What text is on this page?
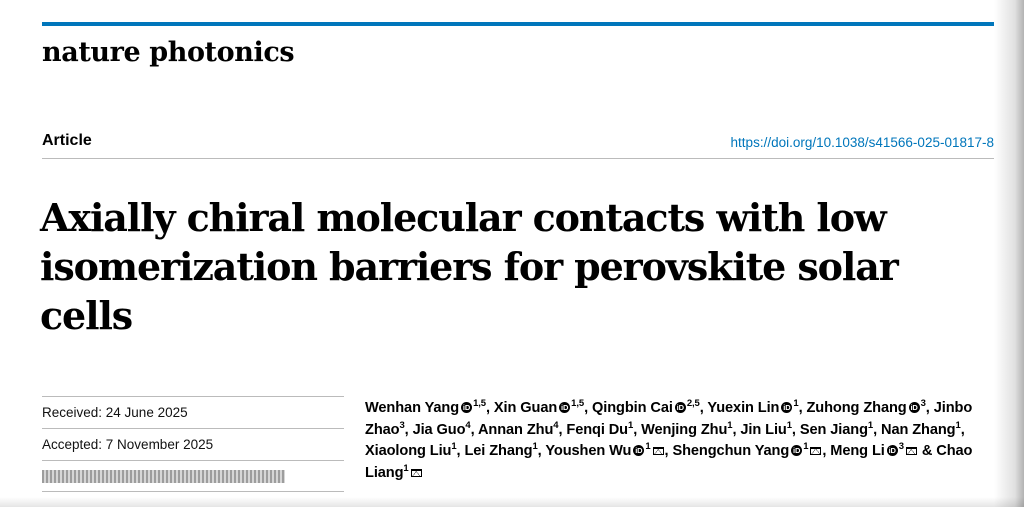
nature photonics
Article	https://doi.org/10.1038/s41566-025-01817-8
Axially chiral molecular contacts with low isomerization barriers for perovskite solar cells
Received: 24 June 2025
Accepted: 7 November 2025
Wenhan Yang iD $^{1,5}$, Xin Guan iD $^{1,5}$, Qingbin Cai iD $^{2,5}$, Yuexin Lin iD $^1$, Zuhong Zhang iD $^3$, Jinbo Zhao$^3$, Jia Guo$^4$, Annan Zhu$^4$, Fenqi Du$^1$, Wenjing Zhu$^1$, Jin Liu$^1$, Sen Jiang$^1$, Nan Zhang$^1$, Xiaolong Liu$^1$, Lei Zhang$^1$, Youshen Wu iD $^1$ , Shengchun Yang iD $^1$ , Meng Li iD $^3$ & Chao Liang$^1$
